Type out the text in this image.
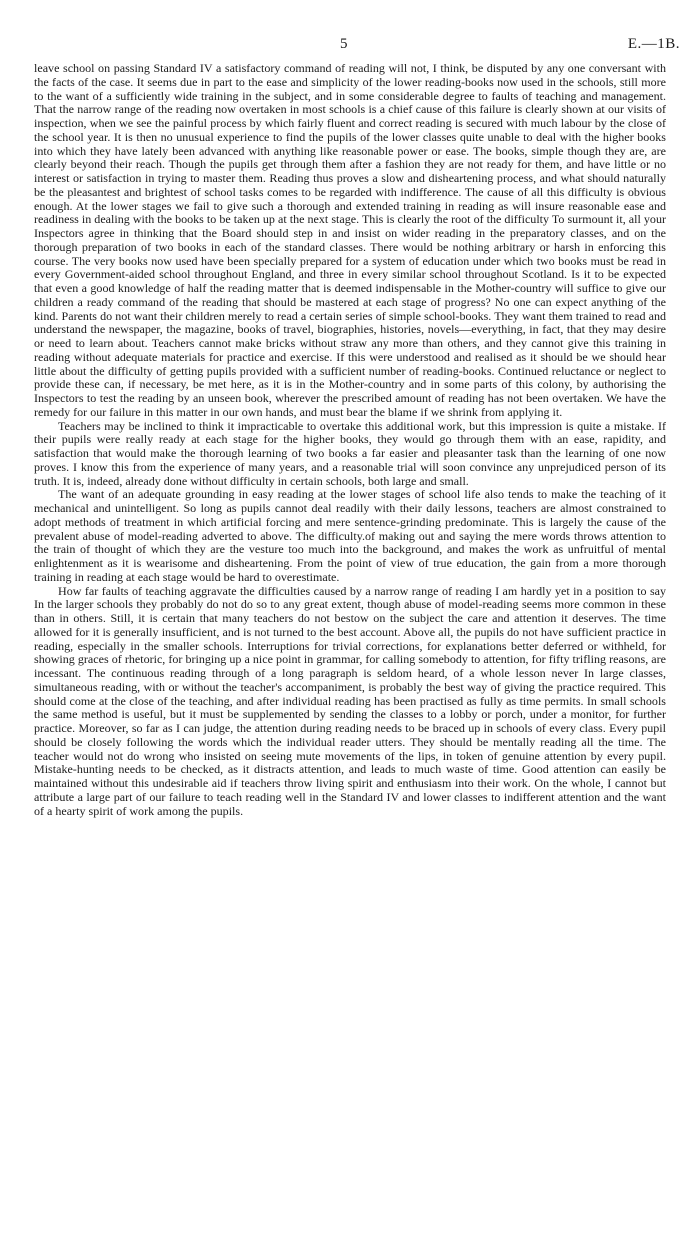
5	E.—1B.

leave school on passing Standard IV a satisfactory command of reading will not, I think, be disputed by any one conversant with the facts of the case. It seems due in part to the ease and simplicity of the lower reading-books now used in the schools, still more to the want of a sufficiently wide training in the subject, and in some considerable degree to faults of teaching and management. That the narrow range of the reading now overtaken in most schools is a chief cause of this failure is clearly shown at our visits of inspection, when we see the painful process by which fairly fluent and correct reading is secured with much labour by the close of the school year. It is then no unusual experience to find the pupils of the lower classes quite unable to deal with the higher books into which they have lately been advanced with anything like reasonable power or ease. The books, simple though they are, are clearly beyond their reach. Though the pupils get through them after a fashion they are not ready for them, and have little or no interest or satisfaction in trying to master them. Reading thus proves a slow and disheartening process, and what should naturally be the pleasantest and brightest of school tasks comes to be regarded with indifference. The cause of all this difficulty is obvious enough. At the lower stages we fail to give such a thorough and extended training in reading as will insure reasonable ease and readiness in dealing with the books to be taken up at the next stage. This is clearly the root of the difficulty To surmount it, all your Inspectors agree in thinking that the Board should step in and insist on wider reading in the preparatory classes, and on the thorough preparation of two books in each of the standard classes. There would be nothing arbitrary or harsh in enforcing this course. The very books now used have been specially prepared for a system of education under which two books must be read in every Government-aided school throughout England, and three in every similar school throughout Scotland. Is it to be expected that even a good knowledge of half the reading matter that is deemed indispensable in the Mother-country will suffice to give our children a ready command of the reading that should be mastered at each stage of progress? No one can expect anything of the kind. Parents do not want their children merely to read a certain series of simple school-books. They want them trained to read and understand the newspaper, the magazine, books of travel, biographies, histories, novels—everything, in fact, that they may desire or need to learn about. Teachers cannot make bricks without straw any more than others, and they cannot give this training in reading without adequate materials for practice and exercise. If this were understood and realised as it should be we should hear little about the difficulty of getting pupils provided with a sufficient number of reading-books. Continued reluctance or neglect to provide these can, if necessary, be met here, as it is in the Mother-country and in some parts of this colony, by authorising the Inspectors to test the reading by an unseen book, wherever the prescribed amount of reading has not been overtaken. We have the remedy for our failure in this matter in our own hands, and must bear the blame if we shrink from applying it.

Teachers may be inclined to think it impracticable to overtake this additional work, but this impression is quite a mistake. If their pupils were really ready at each stage for the higher books, they would go through them with an ease, rapidity, and satisfaction that would make the thorough learning of two books a far easier and pleasanter task than the learning of one now proves. I know this from the experience of many years, and a reasonable trial will soon convince any unprejudiced person of its truth. It is, indeed, already done without difficulty in certain schools, both large and small.

The want of an adequate grounding in easy reading at the lower stages of school life also tends to make the teaching of it mechanical and unintelligent. So long as pupils cannot deal readily with their daily lessons, teachers are almost constrained to adopt methods of treatment in which artificial forcing and mere sentence-grinding predominate. This is largely the cause of the prevalent abuse of model-reading adverted to above. The difficulty.of making out and saying the mere words throws attention to the train of thought of which they are the vesture too much into the background, and makes the work as unfruitful of mental enlightenment as it is wearisome and disheartening. From the point of view of true education, the gain from a more thorough training in reading at each stage would be hard to overestimate.

How far faults of teaching aggravate the difficulties caused by a narrow range of reading I am hardly yet in a position to say In the larger schools they probably do not do so to any great extent, though abuse of model-reading seems more common in these than in others. Still, it is certain that many teachers do not bestow on the subject the care and attention it deserves. The time allowed for it is generally insufficient, and is not turned to the best account. Above all, the pupils do not have sufficient practice in reading, especially in the smaller schools. Interruptions for trivial corrections, for explanations better deferred or withheld, for showing graces of rhetoric, for bringing up a nice point in grammar, for calling somebody to attention, for fifty trifling reasons, are incessant. The continuous reading through of a long paragraph is seldom heard, of a whole lesson never In large classes, simultaneous reading, with or without the teacher's accompaniment, is probably the best way of giving the practice required. This should come at the close of the teaching, and after individual reading has been practised as fully as time permits. In small schools the same method is useful, but it must be supplemented by sending the classes to a lobby or porch, under a monitor, for further practice. Moreover, so far as I can judge, the attention during reading needs to be braced up in schools of every class. Every pupil should be closely following the words which the individual reader utters. They should be mentally reading all the time. The teacher would not do wrong who insisted on seeing mute movements of the lips, in token of genuine attention by every pupil. Mistake-hunting needs to be checked, as it distracts attention, and leads to much waste of time. Good attention can easily be maintained without this undesirable aid if teachers throw living spirit and enthusiasm into their work. On the whole, I cannot but attribute a large part of our failure to teach reading well in the Standard IV and lower classes to indifferent attention and the want of a hearty spirit of work among the pupils.
